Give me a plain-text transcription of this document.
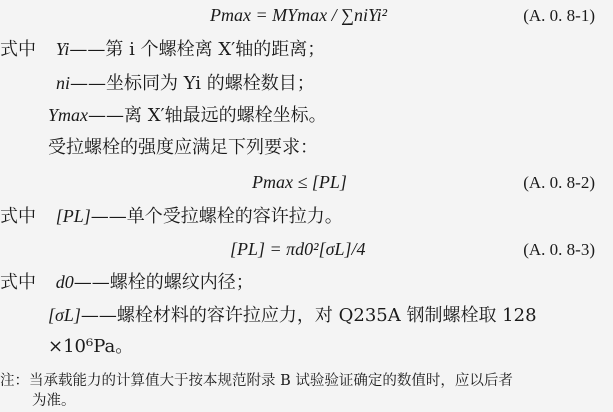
Pmax = MYmax / ∑niYi²	(A. 0. 8-1)
式中 Yi——第 i 个螺栓离 X′轴的距离；
ni——坐标同为 Yi 的螺栓数目；
Ymax——离 X′轴最远的螺栓坐标。
受拉螺栓的强度应满足下列要求：
Pmax ≤ [PL]	(A. 0. 8-2)
式中 [PL]——单个受拉螺栓的容许拉力。
[PL] = πd0²[σL]/4	(A. 0. 8-3)
式中 d0——螺栓的螺纹内径；
[σL]——螺栓材料的容许拉应力，对 Q235A 钢制螺栓取 128
×10⁶Pa。
注：当承载能力的计算值大于按本规范附录 B 试验验证确定的数值时，应以后者
为准。
